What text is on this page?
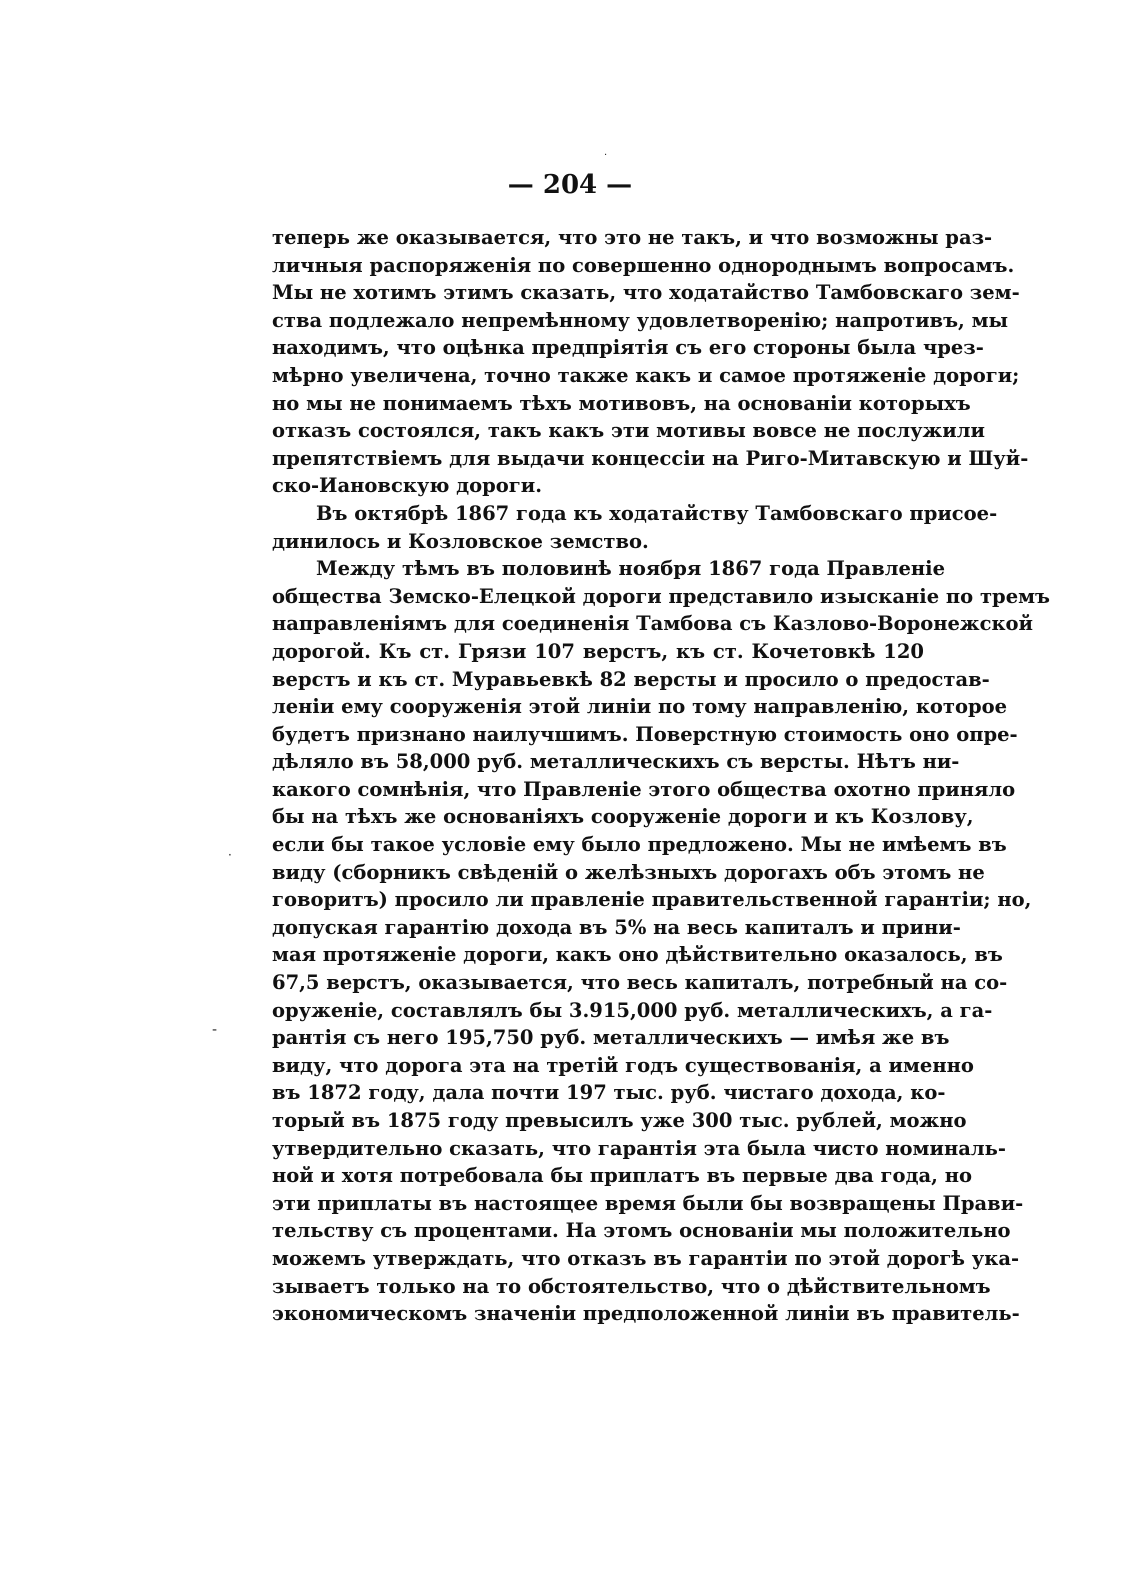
·
— 204 —
теперь же оказывается, что это не такъ, и что возможны раз-
личныя распоряженія по совершенно однороднымъ вопросамъ.
Мы не хотимъ этимъ сказать, что ходатайство Тамбовскаго зем-
ства подлежало непремѣнному удовлетворенію; напротивъ, мы
находимъ, что оцѣнка предпріятія съ его стороны была чрез-
мѣрно увеличена, точно также какъ и самое протяженіе дороги;
но мы не понимаемъ тѣхъ мотивовъ, на основаніи которыхъ
отказъ состоялся, такъ какъ эти мотивы вовсе не послужили
препятствіемъ для выдачи концессіи на Риго-Митавскую и Шуй-
ско-Иановскую дороги.
Въ октябрѣ 1867 года къ ходатайству Тамбовскаго присое-
динилось и Козловское земство.
Между тѣмъ въ половинѣ ноября 1867 года Правленіе
общества Земско-Елецкой дороги представило изысканіе по тремъ
направленіямъ для соединенія Тамбова съ Казлово-Воронежской
дорогой. Къ ст. Грязи 107 верстъ, къ ст. Кочетовкѣ 120
верстъ и къ ст. Муравьевкѣ 82 версты и просило о предостав-
леніи ему сооруженія этой линіи по тому направленію, которое
будетъ признано наилучшимъ. Поверстную стоимость оно опре-
дѣляло въ 58,000 руб. металлическихъ съ версты. Нѣтъ ни-
какого сомнѣнія, что Правленіе этого общества охотно приняло
бы на тѣхъ же основаніяхъ сооруженіе дороги и къ Козлову,
если бы такое условіе ему было предложено. Мы не имѣемъ въ
виду (сборникъ свѣденій о желѣзныхъ дорогахъ объ этомъ не
говоритъ) просило ли правленіе правительственной гарантіи; но,
допуская гарантію дохода въ 5% на весь капиталъ и прини-
мая протяженіе дороги, какъ оно дѣйствительно оказалось, въ
67,5 верстъ, оказывается, что весь капиталъ, потребный на со-
оруженіе, составлялъ бы 3.915,000 руб. металлическихъ, а га-
рантія съ него 195,750 руб. металлическихъ — имѣя же въ
виду, что дорога эта на третій годъ существованія, а именно
въ 1872 году, дала почти 197 тыс. руб. чистаго дохода, ко-
торый въ 1875 году превысилъ уже 300 тыс. рублей, можно
утвердительно сказать, что гарантія эта была чисто номиналь-
ной и хотя потребовала бы приплатъ въ первые два года, но
эти приплаты въ настоящее время были бы возвращены Прави-
тельству съ процентами. На этомъ основаніи мы положительно
можемъ утверждать, что отказъ въ гарантіи по этой дорогѣ ука-
зываетъ только на то обстоятельство, что о дѣйствительномъ
экономическомъ значеніи предположенной линіи въ правитель-
·
-
